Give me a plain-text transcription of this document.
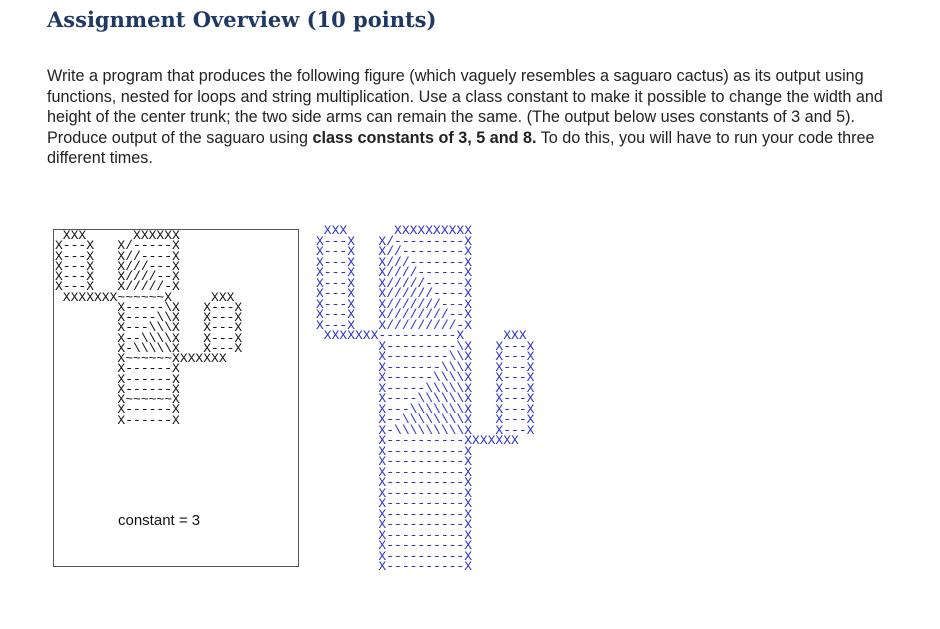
Assignment Overview (10 points)

Write a program that produces the following figure (which vaguely resembles a saguaro cactus) as its output using functions, nested for loops and string multiplication. Use a class constant to make it possible to change the width and height of the center trunk; the two side arms can remain the same. (The output below uses constants of 3 and 5). Produce output of the saguaro using class constants of 3, 5 and 8. To do this, you will have to run your code three different times.

XXX      XXXXXX
X---X   X/-----X
X---X   X//----X
X---X   X///---X
X---X   X////--X
X---X   X/////-X
XXXXXXX~~~~~~X     XXX
X-----\X   X---X
X----\\X   X---X
X---\\\X   X---X
X--\\\\X   X---X
X-\\\\\X   X---X
X~~~~~~XXXXXXX
X------X
X------X
X------X
X~~~~~~X
X------X
X------X

constant = 3

XXX      XXXXXXXXXX
X---X   X/---------X
X---X   X//--------X
X---X   X///-------X
X---X   X////------X
X---X   X/////-----X
X---X   X//////----X
X---X   X///////---X
X---X   X////////--X
X---X   X/////////-X
XXXXXXX----------X     XXX
X---------\X   X---X
X--------\\X   X---X
X-------\\\X   X---X
X------\\\\X   X---X
X-----\\\\\X   X---X
X----\\\\\\X   X---X
X---\\\\\\\X   X---X
X--\\\\\\\\X   X---X
X-\\\\\\\\\X   X---X
X----------XXXXXXX
X----------X
X----------X
X----------X
X----------X
X----------X
X----------X
X----------X
X----------X
X----------X
X----------X
X----------X
X----------X
